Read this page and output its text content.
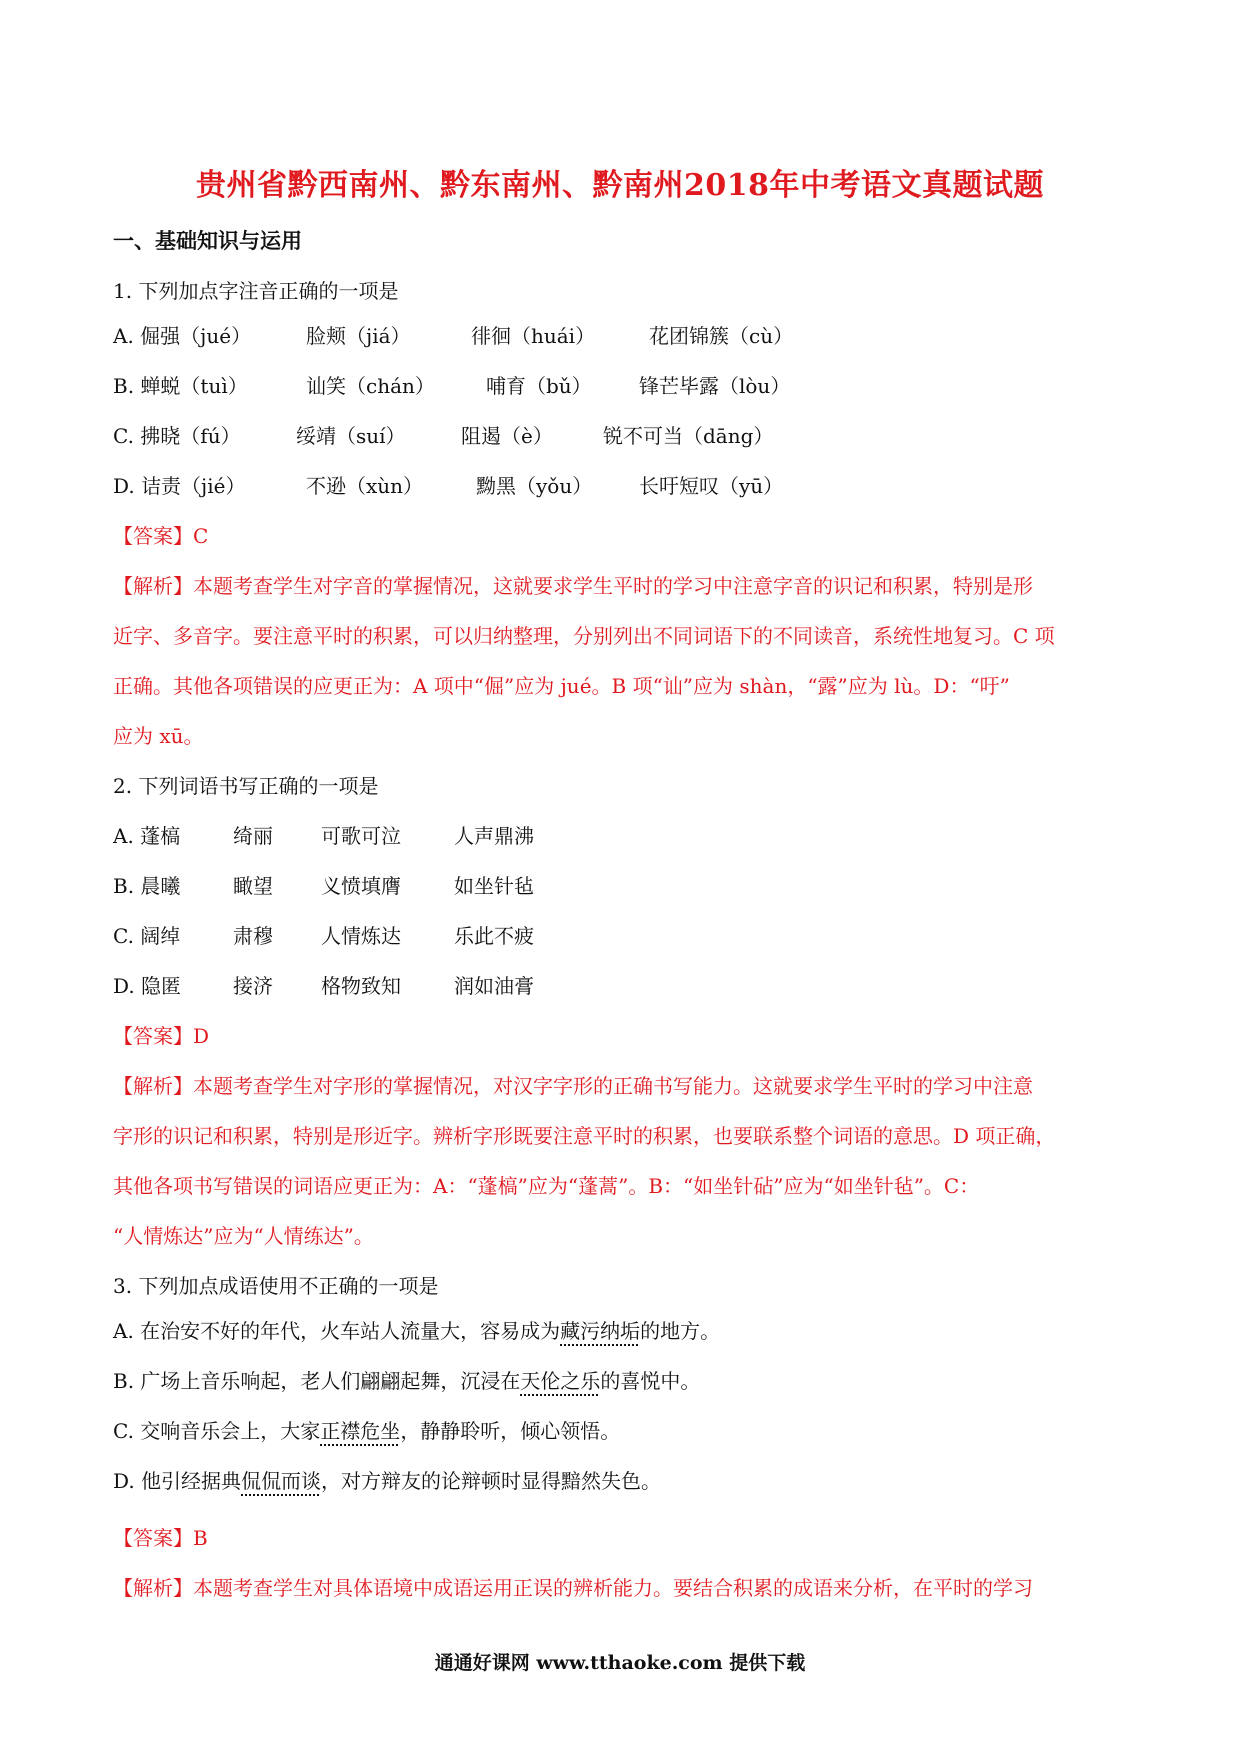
贵州省黔西南州、黔东南州、黔南州2018年中考语文真题试题
一、基础知识与运用
1. 下列加点字注音正确的一项是
A. 倔强（jué）	脸颊（jiá）	徘徊（huái）	花团锦簇（cù）
B. 蝉蜕（tuì）	讪笑（chán）	哺育（bǔ） 锋芒毕露（lòu）
C. 拂晓（fú）	绥靖（suí）	阻遏（è）	锐不可当（dāng）
D. 诘责（jié）	不逊（xùn）	黝黑（yǒu） 长吁短叹（yū）
【答案】C
【解析】本题考查学生对字音的掌握情况，这就要求学生平时的学习中注意字音的识记和积累，特别是形
近字、多音字。要注意平时的积累，可以归纳整理，分别列出不同词语下的不同读音，系统性地复习。C 项
正确。其他各项错误的应更正为：A 项中“倔”应为 jué。B 项“讪”应为 shàn，“露”应为 lù。D：“吁”
应为 xū。
2. 下列词语书写正确的一项是
A. 蓬槁	绮丽 可歌可泣	人声鼎沸
B. 晨曦	瞰望 义愤填膺	如坐针毡
C. 阔绰	肃穆 人情炼达	乐此不疲
D. 隐匿	接济 格物致知	润如油膏
【答案】D
【解析】本题考查学生对字形的掌握情况，对汉字字形的正确书写能力。这就要求学生平时的学习中注意
字形的识记和积累，特别是形近字。辨析字形既要注意平时的积累，也要联系整个词语的意思。D 项正确，
其他各项书写错误的词语应更正为：A：“蓬槁”应为“蓬蒿”。B：“如坐针砧”应为“如坐针毡”。C：
“人情炼达”应为“人情练达”。
3. 下列加点成语使用不正确的一项是
A. 在治安不好的年代，火车站人流量大，容易成为藏污纳垢的地方。
B. 广场上音乐响起，老人们翩翩起舞，沉浸在天伦之乐的喜悦中。
C. 交响音乐会上，大家正襟危坐，静静聆听，倾心领悟。
D. 他引经据典侃侃而谈，对方辩友的论辩顿时显得黯然失色。
【答案】B
【解析】本题考查学生对具体语境中成语运用正误的辨析能力。要结合积累的成语来分析，在平时的学习
通通好课网 www.tthaoke.com 提供下载
